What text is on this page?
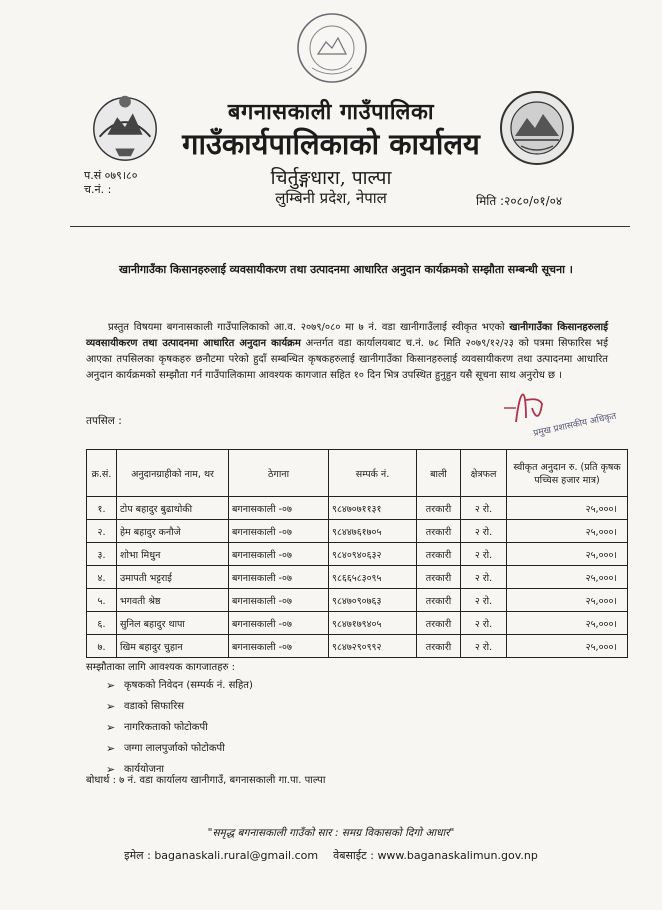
बगनासकाली गाउँपालिका
गाउँकार्यपालिकाको कार्यालय
चिर्तुङ्गधारा, पाल्पा
लुम्बिनी प्रदेश, नेपाल
प.सं ०७९।८०
च.नं. :
मिति :२०८०/०१/०४
खानीगाउँका किसानहरुलाई व्यवसायीकरण तथा उत्पादनमा आधारित अनुदान कार्यक्रमको सम्झौता सम्बन्धी सूचना ।
प्रस्तुत विषयमा बगनासकाली गाउँपालिकाको आ.व. २०७९/०८० मा ७ नं. वडा खानीगाउँलाई स्वीकृत भएको खानीगाउँका किसानहरुलाई व्यवसायीकरण तथा उत्पादनमा आधारित अनुदान कार्यक्रम अन्तर्गत वडा कार्यालयबाट च.नं. ७८ मिति २०७९/१२/२३ को पत्रमा सिफारिस भई आएका तपसिलका कृषकहरु छनौटमा परेको हुदाँ सम्बन्धित कृषकहरुलाई खानीगाउँका किसानहरुलाई व्यवसायीकरण तथा उत्पादनमा आधारित अनुदान कार्यक्रमको सम्झौता गर्न गाउँपालिकामा आवश्यक कागजात सहित १० दिन भित्र उपस्थित हुनुहुन यसै सूचना साथ अनुरोध छ ।
प्रमुख प्रशासकीय अधिकृत
तपसिल :
क्र.सं.	अनुदानग्राहीको नाम, थर	ठेगाना	सम्पर्क नं.	बाली	क्षेत्रफल	स्वीकृत अनुदान रु. (प्रति कृषक पच्चिस हजार मात्र)
१.	टोप बहादुर बुढाथोकी	बगनासकाली -०७	९८४७०७११३१	तरकारी	२ रो.	२५,०००।
२.	हेम बहादुर कनौजे	बगनासकाली -०७	९८४४७६१७०५	तरकारी	२ रो.	२५,०००।
३.	शोभा मिधुन	बगनासकाली -०७	९८४०९४०६३२	तरकारी	२ रो.	२५,०००।
४.	उमापती भट्टराई	बगनासकाली -०७	९८६६५८३०९५	तरकारी	२ रो.	२५,०००।
५.	भगवती श्रेष्ठ	बगनासकाली -०७	९८४७०९०७६३	तरकारी	२ रो.	२५,०००।
६.	सुनिल बहादुर थापा	बगनासकाली -०७	९८४७१७९४०५	तरकारी	२ रो.	२५,०००।
७.	खिम बहादुर चुहान	बगनासकाली -०७	९८४७२९०९९२	तरकारी	२ रो.	२५,०००।
सम्झौताका लागि आवश्यक कागजातहरु :
➢ कृषकको निवेदन (सम्पर्क नं. सहित)
➢ वडाको सिफारिस
➢ नागरिकताको फोटोकपी
➢ जग्गा लालपुर्जाको फोटोकपी
➢ कार्ययोजना
बोधार्थ : ७ नं. वडा कार्यालय खानीगाउँ, बगनासकाली गा.पा. पाल्पा
"समृद्ध बगनासकाली गाउँको सार : समग्र विकासको दिगो आधार"
इमेल : baganaskali.rural@gmail.com वेबसाईट : www.baganaskalimun.gov.np
